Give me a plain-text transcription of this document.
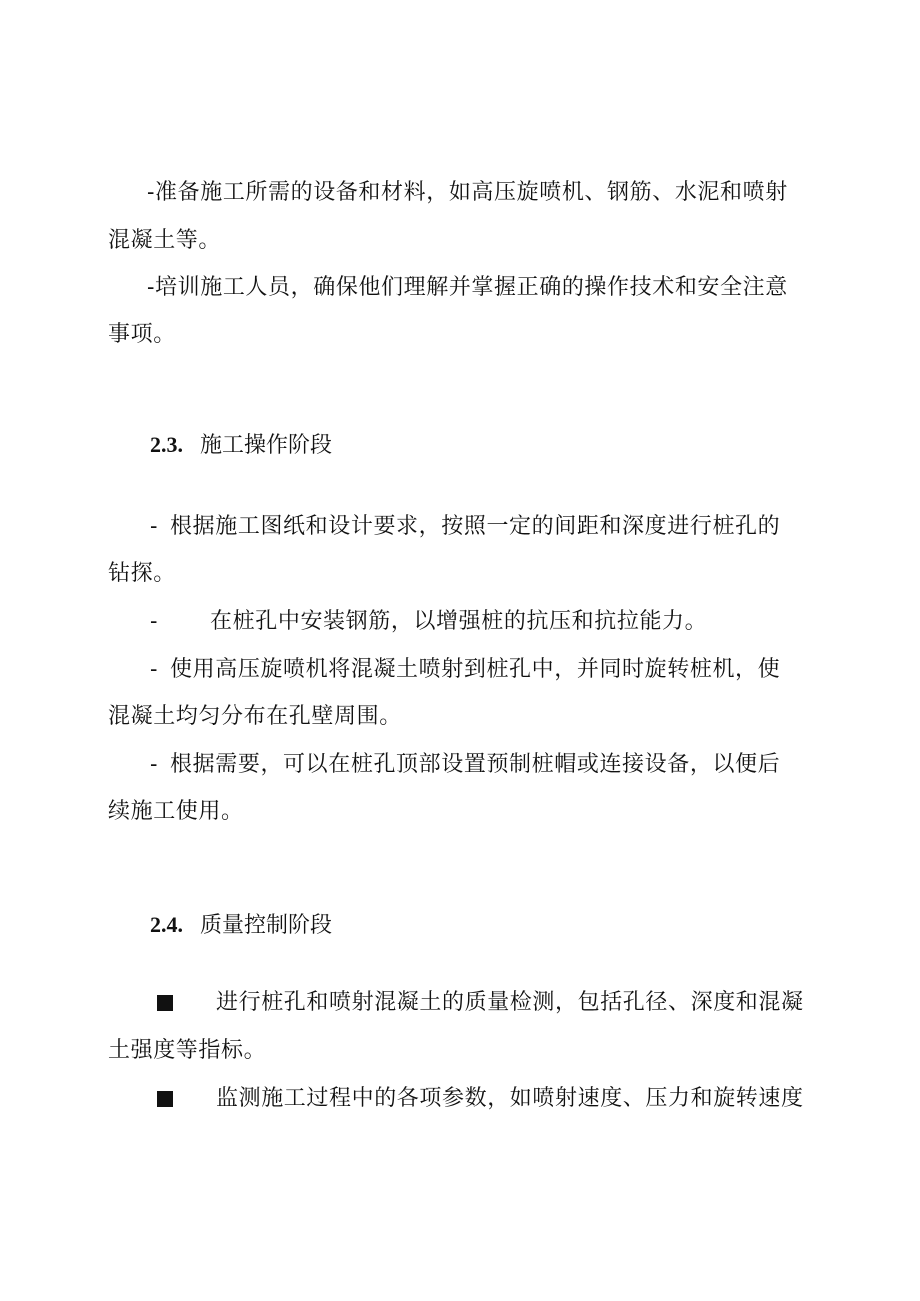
-准备施工所需的设备和材料，如高压旋喷机、钢筋、水泥和喷射
混凝土等。
-培训施工人员，确保他们理解并掌握正确的操作技术和安全注意
事项。
2.3. 施工操作阶段
- 根据施工图纸和设计要求，按照一定的间距和深度进行桩孔的
钻探。
- 在桩孔中安装钢筋，以增强桩的抗压和抗拉能力。
- 使用高压旋喷机将混凝土喷射到桩孔中，并同时旋转桩机，使
混凝土均匀分布在孔壁周围。
- 根据需要，可以在桩孔顶部设置预制桩帽或连接设备，以便后
续施工使用。
2.4. 质量控制阶段
进行桩孔和喷射混凝土的质量检测，包括孔径、深度和混凝
土强度等指标。
监测施工过程中的各项参数，如喷射速度、压力和旋转速度
